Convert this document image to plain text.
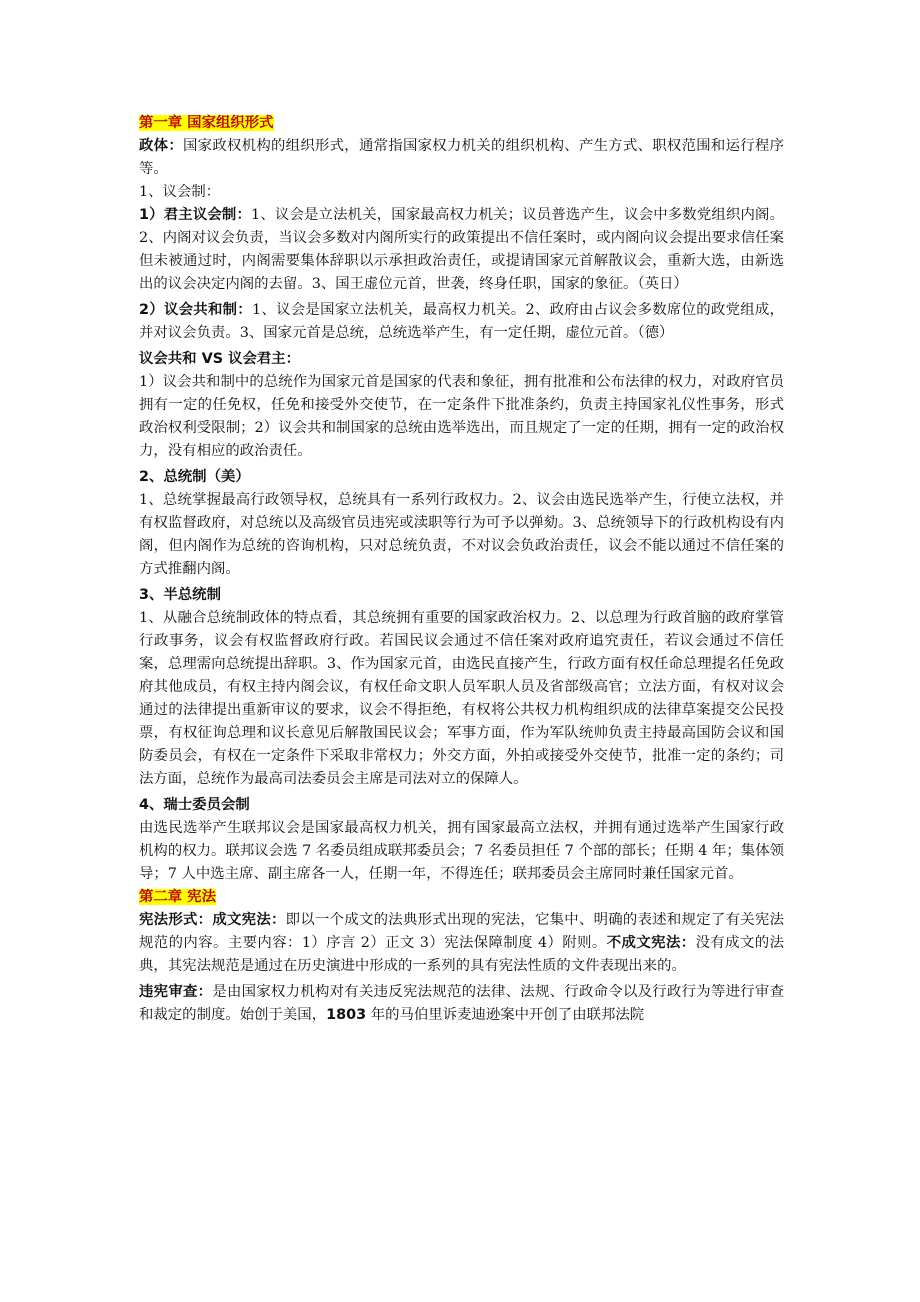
第一章 国家组织形式

政体：国家政权机构的组织形式，通常指国家权力机关的组织机构、产生方式、职权范围和运行程序等。

1、议会制：

1）君主议会制：1、议会是立法机关，国家最高权力机关；议员普选产生，议会中多数党组织内阁。2、内阁对议会负责，当议会多数对内阁所实行的政策提出不信任案时，或内阁向议会提出要求信任案但未被通过时，内阁需要集体辞职以示承担政治责任，或提请国家元首解散议会，重新大选，由新选出的议会决定内阁的去留。3、国王虚位元首，世袭，终身任职，国家的象征。（英日）

2）议会共和制：1、议会是国家立法机关，最高权力机关。2、政府由占议会多数席位的政党组成，并对议会负责。3、国家元首是总统，总统选举产生，有一定任期，虚位元首。（德）

议会共和 VS 议会君主：

1）议会共和制中的总统作为国家元首是国家的代表和象征，拥有批准和公布法律的权力，对政府官员拥有一定的任免权，任免和接受外交使节，在一定条件下批准条约，负责主持国家礼仪性事务，形式政治权利受限制；2）议会共和制国家的总统由选举选出，而且规定了一定的任期，拥有一定的政治权力，没有相应的政治责任。

2、总统制（美）

1、总统掌握最高行政领导权，总统具有一系列行政权力。2、议会由选民选举产生，行使立法权，并有权监督政府，对总统以及高级官员违宪或渎职等行为可予以弹劾。3、总统领导下的行政机构设有内阁，但内阁作为总统的咨询机构，只对总统负责，不对议会负政治责任，议会不能以通过不信任案的方式推翻内阁。

3、半总统制

1、从融合总统制政体的特点看，其总统拥有重要的国家政治权力。2、以总理为行政首脑的政府掌管行政事务，议会有权监督政府行政。若国民议会通过不信任案对政府追究责任，若议会通过不信任案，总理需向总统提出辞职。3、作为国家元首，由选民直接产生，行政方面有权任命总理提名任免政府其他成员，有权主持内阁会议，有权任命文职人员军职人员及省部级高官；立法方面，有权对议会通过的法律提出重新审议的要求，议会不得拒绝，有权将公共权力机构组织成的法律草案提交公民投票，有权征询总理和议长意见后解散国民议会；军事方面，作为军队统帅负责主持最高国防会议和国防委员会，有权在一定条件下采取非常权力；外交方面，外拍或接受外交使节，批准一定的条约；司法方面，总统作为最高司法委员会主席是司法对立的保障人。

4、瑞士委员会制

由选民选举产生联邦议会是国家最高权力机关，拥有国家最高立法权，并拥有通过选举产生国家行政机构的权力。联邦议会选 7 名委员组成联邦委员会；7 名委员担任 7 个部的部长；任期 4 年；集体领导；7 人中选主席、副主席各一人，任期一年，不得连任；联邦委员会主席同时兼任国家元首。

第二章 宪法

宪法形式：成文宪法：即以一个成文的法典形式出现的宪法，它集中、明确的表述和规定了有关宪法规范的内容。主要内容：1）序言 2）正文 3）宪法保障制度 4）附则。不成文宪法：没有成文的法典，其宪法规范是通过在历史演进中形成的一系列的具有宪法性质的文件表现出来的。

违宪审查：是由国家权力机构对有关违反宪法规范的法律、法规、行政命令以及行政行为等进行审查和裁定的制度。始创于美国，1803 年的马伯里诉麦迪逊案中开创了由联邦法院
